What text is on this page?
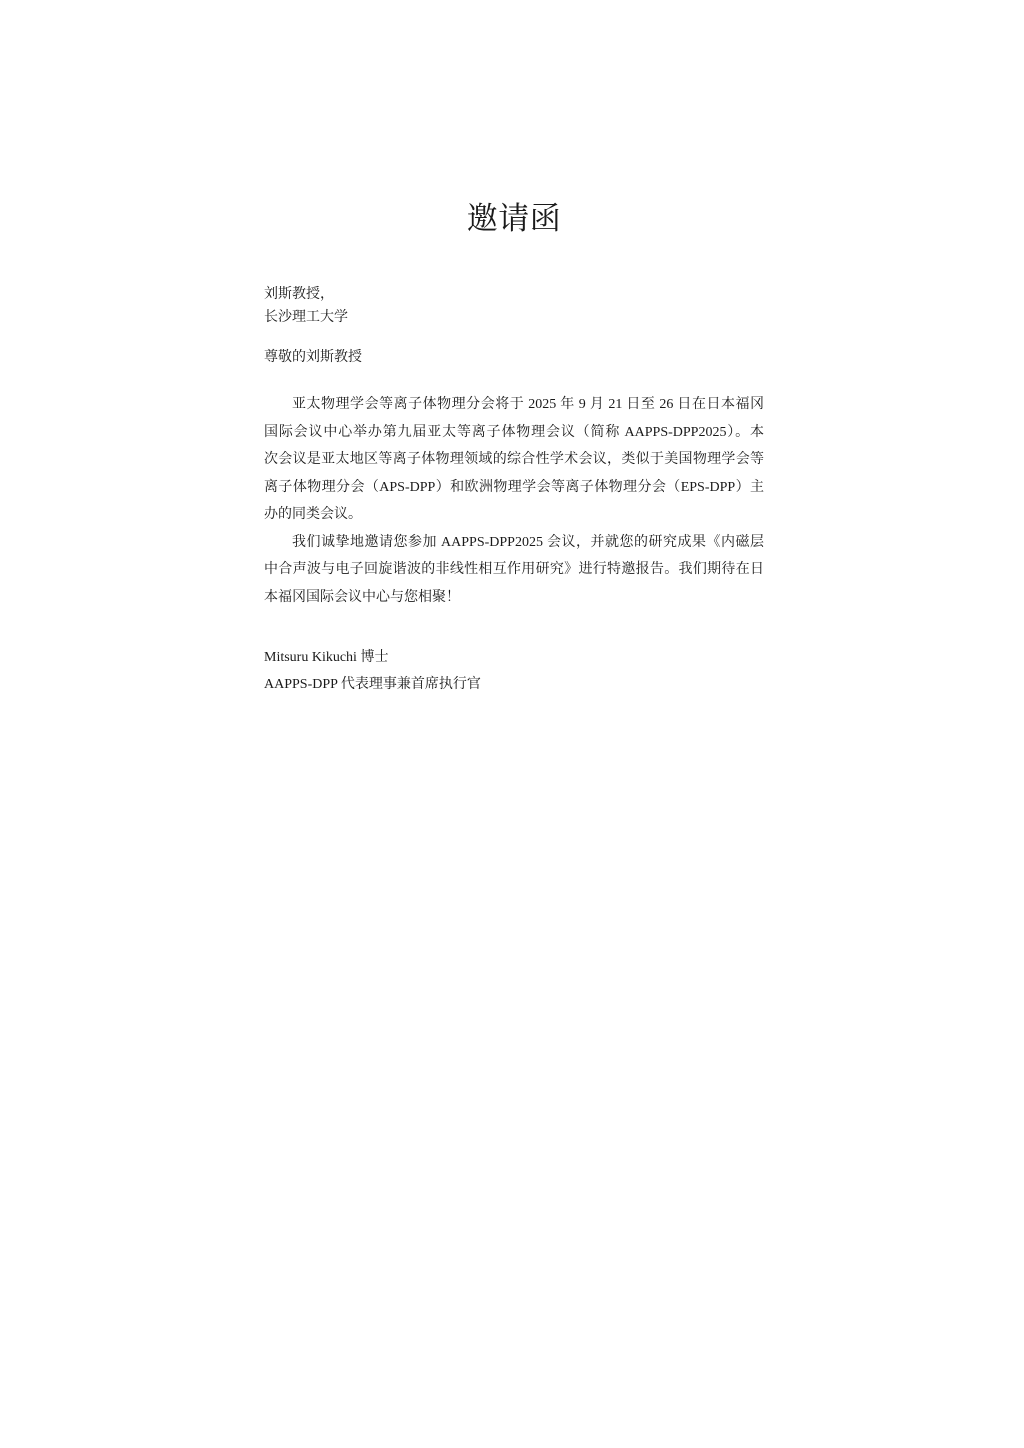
邀请函
刘斯教授，
长沙理工大学
尊敬的刘斯教授
亚太物理学会等离子体物理分会将于 2025 年 9 月 21 日至 26 日在日本福冈
国际会议中心举办第九届亚太等离子体物理会议（简称 AAPPS-DPP2025）。本
次会议是亚太地区等离子体物理领域的综合性学术会议，类似于美国物理学会等
离子体物理分会（APS-DPP）和欧洲物理学会等离子体物理分会（EPS-DPP）主
办的同类会议。
我们诚挚地邀请您参加 AAPPS-DPP2025 会议，并就您的研究成果《内磁层
中合声波与电子回旋谐波的非线性相互作用研究》进行特邀报告。我们期待在日
本福冈国际会议中心与您相聚！
Mitsuru Kikuchi 博士
AAPPS-DPP 代表理事兼首席执行官
